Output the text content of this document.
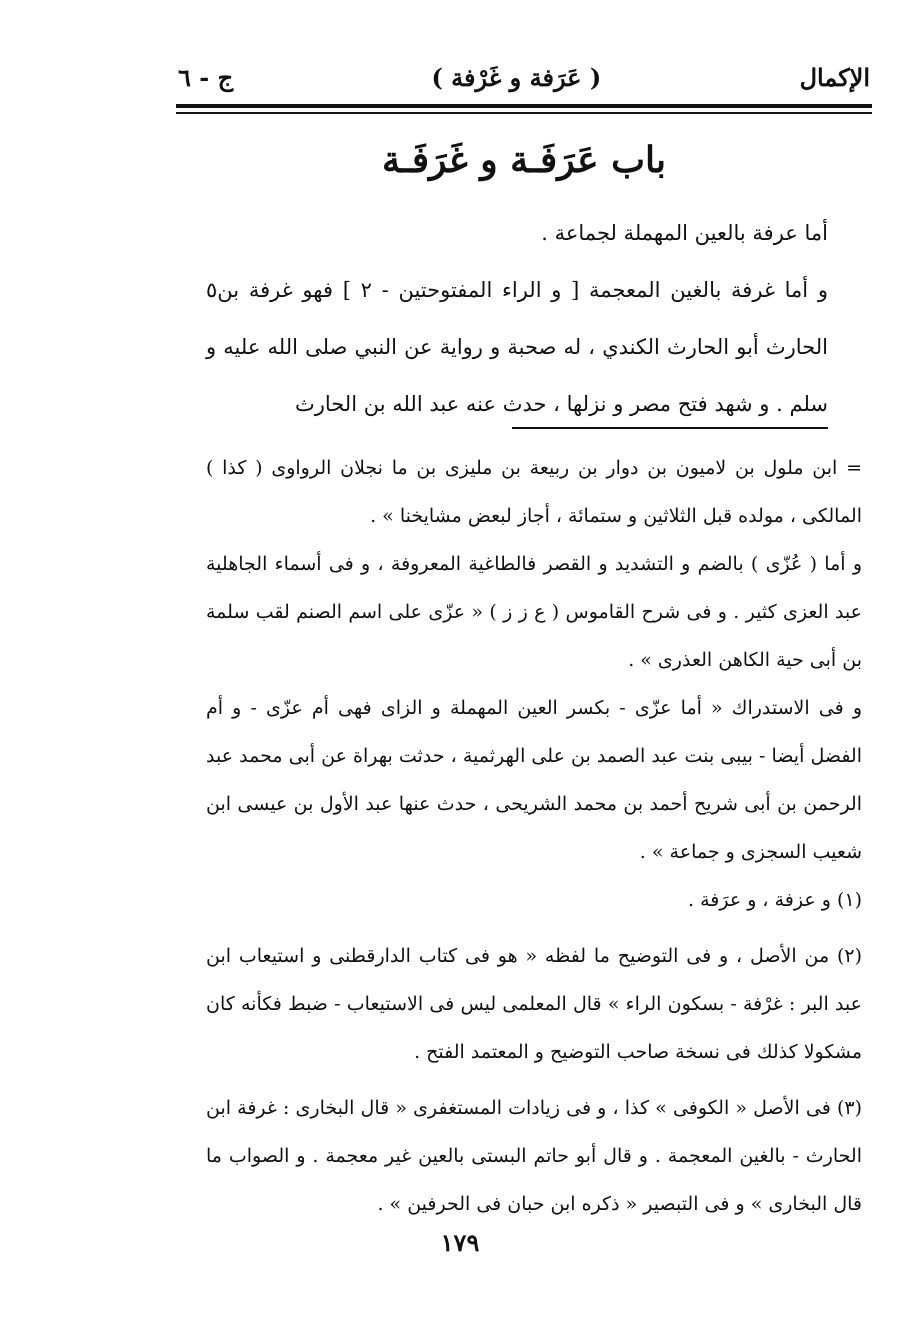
الإكمال
( عَرَفة و غَرْفة )
ج - ٦
باب عَرَفَـة و غَرَفَـة

أما عرفة بالعين المهملة لجماعة .

٥ و أما غرفة بالغين المعجمة [ و الراء المفتوحتين - ٢ ] فهو غرفة بن الحارث أبو الحارث الكندي ، له صحبة و رواية عن النبي صلى الله عليه و سلم . و شهد فتح مصر و نزلها ، حدث عنه عبد الله بن الحارث

= ابن ملول بن لاميون بن دوار بن ربيعة بن مليزى بن ما نجلان الرواوى ( كذا ) المالكى ، مولده قبل الثلاثين و ستمائة ، أجاز لبعض مشايخنا » .

و أما ( عُزّى ) بالضم و التشديد و القصر فالطاغية المعروفة ، و فى أسماء الجاهلية عبد العزى كثير . و فى شرح القاموس ( ع ز ز ) « عزّى على اسم الصنم لقب سلمة بن أبى حية الكاهن العذرى » .

و فى الاستدراك « أما عزّى - بكسر العين المهملة و الزاى فهى أم عزّى - و أم الفضل أيضا - بيبى بنت عبد الصمد بن على الهرثمية ، حدثت بهراة عن أبى محمد عبد الرحمن بن أبى شريح أحمد بن محمد الشريحى ، حدث عنها عبد الأول بن عيسى ابن شعيب السجزى و جماعة » .

(١) و عزفة ، و عرَفة .

(٢) من الأصل ، و فى التوضيح ما لفظه « هو فى كتاب الدارقطنى و استيعاب ابن عبد البر : غرْفة - بسكون الراء » قال المعلمى ليس فى الاستيعاب - ضبط فكأنه كان مشكولا كذلك فى نسخة صاحب التوضيح و المعتمد الفتح .

(٣) فى الأصل « الكوفى » كذا ، و فى زيادات المستغفرى « قال البخارى : غرفة ابن الحارث - بالغين المعجمة . و قال أبو حاتم البستى بالعين غير معجمة . و الصواب ما قال البخارى » و فى التبصير « ذكره ابن حبان فى الحرفين » .

١٧٩
